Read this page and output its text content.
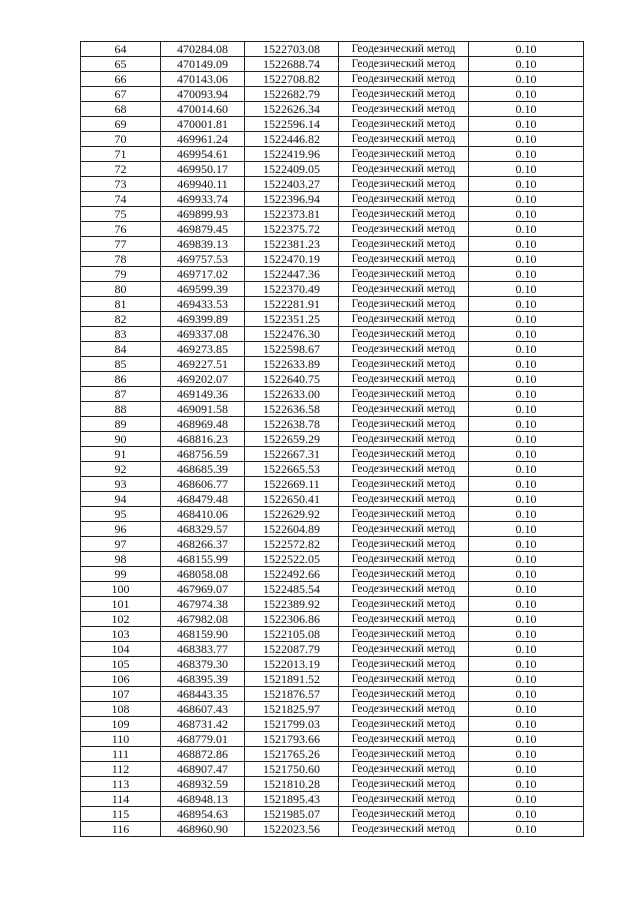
64	470284.08	1522703.08	Геодезический метод	0.10
65	470149.09	1522688.74	Геодезический метод	0.10
66	470143.06	1522708.82	Геодезический метод	0.10
67	470093.94	1522682.79	Геодезический метод	0.10
68	470014.60	1522626.34	Геодезический метод	0.10
69	470001.81	1522596.14	Геодезический метод	0.10
70	469961.24	1522446.82	Геодезический метод	0.10
71	469954.61	1522419.96	Геодезический метод	0.10
72	469950.17	1522409.05	Геодезический метод	0.10
73	469940.11	1522403.27	Геодезический метод	0.10
74	469933.74	1522396.94	Геодезический метод	0.10
75	469899.93	1522373.81	Геодезический метод	0.10
76	469879.45	1522375.72	Геодезический метод	0.10
77	469839.13	1522381.23	Геодезический метод	0.10
78	469757.53	1522470.19	Геодезический метод	0.10
79	469717.02	1522447.36	Геодезический метод	0.10
80	469599.39	1522370.49	Геодезический метод	0.10
81	469433.53	1522281.91	Геодезический метод	0.10
82	469399.89	1522351.25	Геодезический метод	0.10
83	469337.08	1522476.30	Геодезический метод	0.10
84	469273.85	1522598.67	Геодезический метод	0.10
85	469227.51	1522633.89	Геодезический метод	0.10
86	469202.07	1522640.75	Геодезический метод	0.10
87	469149.36	1522633.00	Геодезический метод	0.10
88	469091.58	1522636.58	Геодезический метод	0.10
89	468969.48	1522638.78	Геодезический метод	0.10
90	468816.23	1522659.29	Геодезический метод	0.10
91	468756.59	1522667.31	Геодезический метод	0.10
92	468685.39	1522665.53	Геодезический метод	0.10
93	468606.77	1522669.11	Геодезический метод	0.10
94	468479.48	1522650.41	Геодезический метод	0.10
95	468410.06	1522629.92	Геодезический метод	0.10
96	468329.57	1522604.89	Геодезический метод	0.10
97	468266.37	1522572.82	Геодезический метод	0.10
98	468155.99	1522522.05	Геодезический метод	0.10
99	468058.08	1522492.66	Геодезический метод	0.10
100	467969.07	1522485.54	Геодезический метод	0.10
101	467974.38	1522389.92	Геодезический метод	0.10
102	467982.08	1522306.86	Геодезический метод	0.10
103	468159.90	1522105.08	Геодезический метод	0.10
104	468383.77	1522087.79	Геодезический метод	0.10
105	468379.30	1522013.19	Геодезический метод	0.10
106	468395.39	1521891.52	Геодезический метод	0.10
107	468443.35	1521876.57	Геодезический метод	0.10
108	468607.43	1521825.97	Геодезический метод	0.10
109	468731.42	1521799.03	Геодезический метод	0.10
110	468779.01	1521793.66	Геодезический метод	0.10
111	468872.86	1521765.26	Геодезический метод	0.10
112	468907.47	1521750.60	Геодезический метод	0.10
113	468932.59	1521810.28	Геодезический метод	0.10
114	468948.13	1521895.43	Геодезический метод	0.10
115	468954.63	1521985.07	Геодезический метод	0.10
116	468960.90	1522023.56	Геодезический метод	0.10
